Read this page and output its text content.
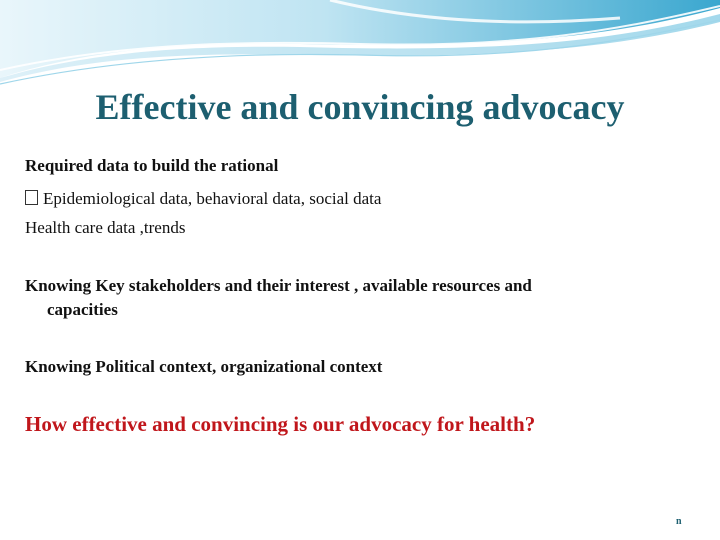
Effective and convincing advocacy
Required data to build the rational
Epidemiological data, behavioral data, social data
Health care data ,trends
Knowing Key stakeholders and their interest , available resources and
capacities
Knowing Political context, organizational context
How effective and convincing is our advocacy for health?
n
